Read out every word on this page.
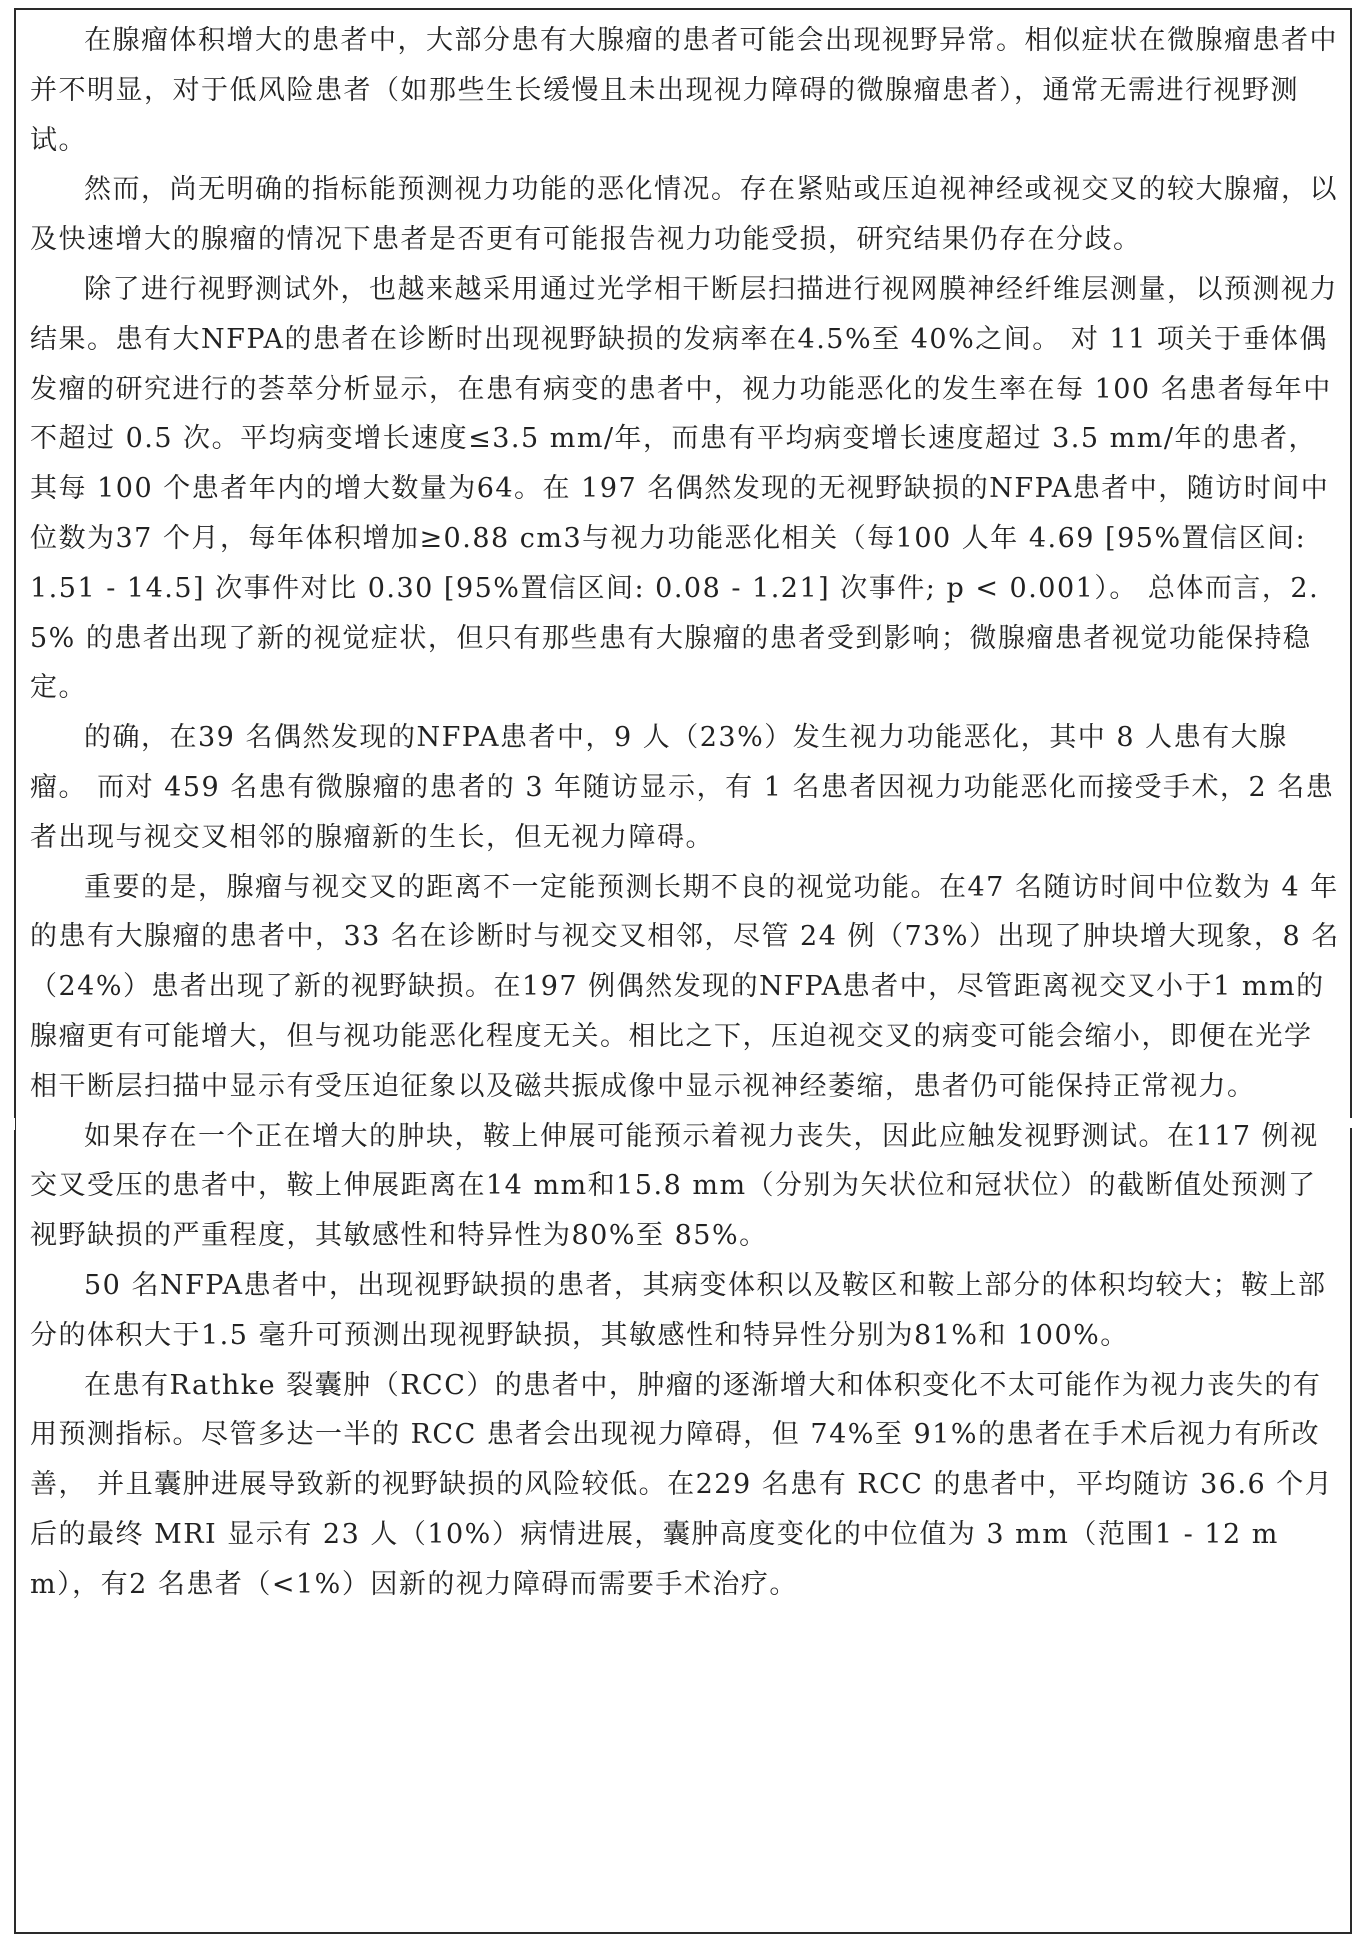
在腺瘤体积增大的患者中，大部分患有大腺瘤的患者可能会出现视野异常。相似症状在微腺瘤患者中并不明显，对于低风险患者（如那些生长缓慢且未出现视力障碍的微腺瘤患者），通常无需进行视野测试。

然而，尚无明确的指标能预测视力功能的恶化情况。存在紧贴或压迫视神经或视交叉的较大腺瘤，以及快速增大的腺瘤的情况下患者是否更有可能报告视力功能受损，研究结果仍存在分歧。

除了进行视野测试外，也越来越采用通过光学相干断层扫描进行视网膜神经纤维层测量，以预测视力结果。患有大NFPA的患者在诊断时出现视野缺损的发病率在4.5%至 40%之间。 对 11 项关于垂体偶发瘤的研究进行的荟萃分析显示，在患有病变的患者中，视力功能恶化的发生率在每 100 名患者每年中不超过 0.5 次。平均病变增长速度≤3.5 mm/年，而患有平均病变增长速度超过 3.5 mm/年的患者，其每 100 个患者年内的增大数量为64。在 197 名偶然发现的无视野缺损的NFPA患者中，随访时间中位数为37 个月，每年体积增加≥0.88 cm3与视力功能恶化相关（每100 人年 4.69 [95%置信区间: 1.51 - 14.5] 次事件对比 0.30 [95%置信区间: 0.08 - 1.21] 次事件; p < 0.001）。 总体而言，2.5% 的患者出现了新的视觉症状，但只有那些患有大腺瘤的患者受到影响；微腺瘤患者视觉功能保持稳定。

的确，在39 名偶然发现的NFPA患者中，9 人（23%）发生视力功能恶化，其中 8 人患有大腺瘤。 而对 459 名患有微腺瘤的患者的 3 年随访显示，有 1 名患者因视力功能恶化而接受手术，2 名患者出现与视交叉相邻的腺瘤新的生长，但无视力障碍。

重要的是，腺瘤与视交叉的距离不一定能预测长期不良的视觉功能。在47 名随访时间中位数为 4 年的患有大腺瘤的患者中，33 名在诊断时与视交叉相邻，尽管 24 例（73%）出现了肿块增大现象，8 名（24%）患者出现了新的视野缺损。在197 例偶然发现的NFPA患者中，尽管距离视交叉小于1 mm的腺瘤更有可能增大，但与视功能恶化程度无关。相比之下，压迫视交叉的病变可能会缩小，即便在光学相干断层扫描中显示有受压迫征象以及磁共振成像中显示视神经萎缩，患者仍可能保持正常视力。

如果存在一个正在增大的肿块，鞍上伸展可能预示着视力丧失，因此应触发视野测试。在117 例视交叉受压的患者中，鞍上伸展距离在14 mm和15.8 mm（分别为矢状位和冠状位）的截断值处预测了视野缺损的严重程度，其敏感性和特异性为80%至 85%。

50 名NFPA患者中，出现视野缺损的患者，其病变体积以及鞍区和鞍上部分的体积均较大；鞍上部分的体积大于1.5 毫升可预测出现视野缺损，其敏感性和特异性分别为81%和 100%。

在患有Rathke 裂囊肿（RCC）的患者中，肿瘤的逐渐增大和体积变化不太可能作为视力丧失的有用预测指标。尽管多达一半的 RCC 患者会出现视力障碍，但 74%至 91%的患者在手术后视力有所改善， 并且囊肿进展导致新的视野缺损的风险较低。在229 名患有 RCC 的患者中，平均随访 36.6 个月后的最终 MRI 显示有 23 人（10%）病情进展，囊肿高度变化的中位值为 3 mm（范围1 - 12 mm），有2 名患者（<1%）因新的视力障碍而需要手术治疗。
